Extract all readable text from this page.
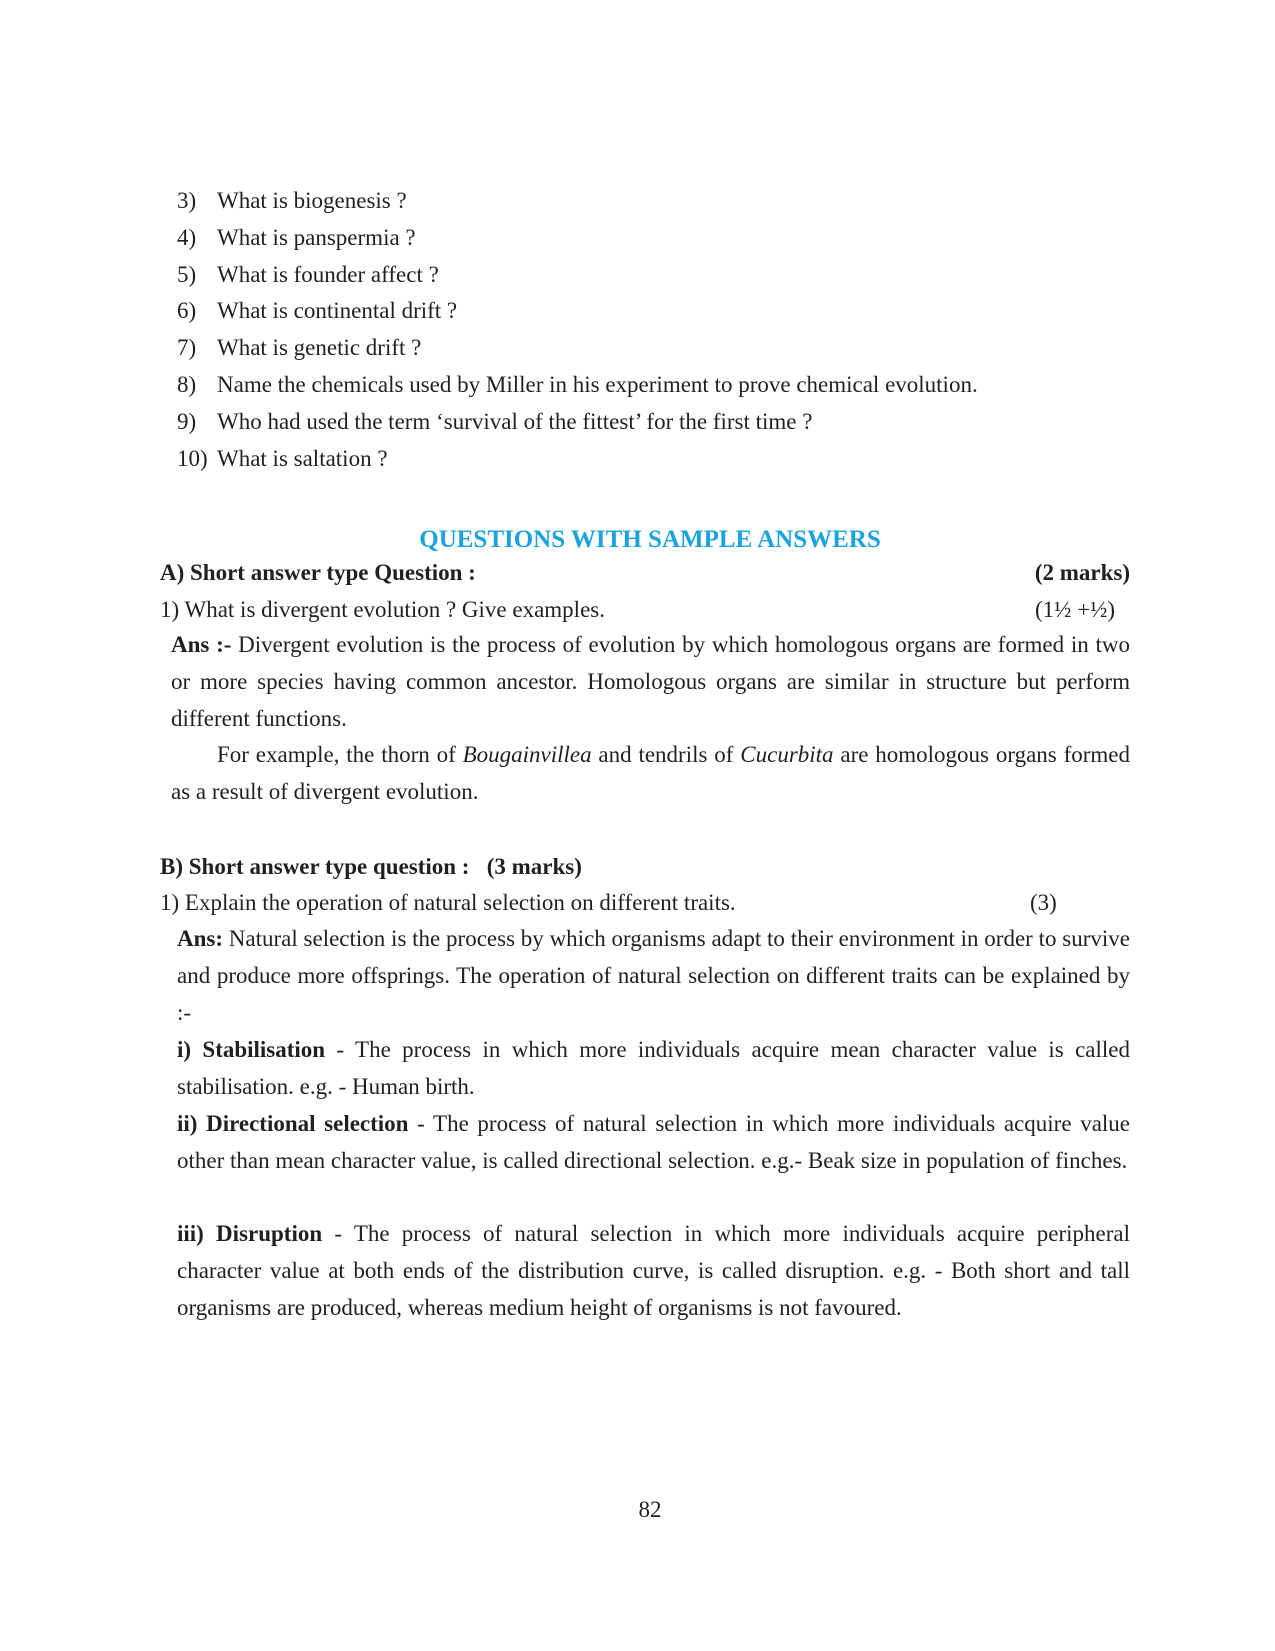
3) What is biogenesis ?
4) What is panspermia ?
5) What is founder affect ?
6) What is continental drift ?
7) What is genetic drift ?
8) Name the chemicals used by Miller in his experiment to prove chemical evolution.
9) Who had used the term ‘survival of the fittest’ for the first time ?
10) What is saltation ?
QUESTIONS WITH SAMPLE ANSWERS
A) Short answer type Question :	(2 marks)
1) What is divergent evolution ? Give examples.	(1½ +½)
Ans :- Divergent evolution is the process of evolution by which homologous organs are formed in two or more species having common ancestor. Homologous organs are similar in structure but perform different functions.
For example, the thorn of Bougainvillea and tendrils of Cucurbita are homologous organs formed as a result of divergent evolution.
B) Short answer type question : (3 marks)
1) Explain the operation of natural selection on different traits.	(3)
Ans: Natural selection is the process by which organisms adapt to their environment in order to survive and produce more offsprings. The operation of natural selection on different traits can be explained by :-
i) Stabilisation - The process in which more individuals acquire mean character value is called stabilisation. e.g. - Human birth.
ii) Directional selection - The process of natural selection in which more individuals acquire value other than mean character value, is called directional selection. e.g.- Beak size in population of finches.
iii) Disruption - The process of natural selection in which more individuals acquire peripheral character value at both ends of the distribution curve, is called disruption. e.g. - Both short and tall organisms are produced, whereas medium height of organisms is not favoured.
82
